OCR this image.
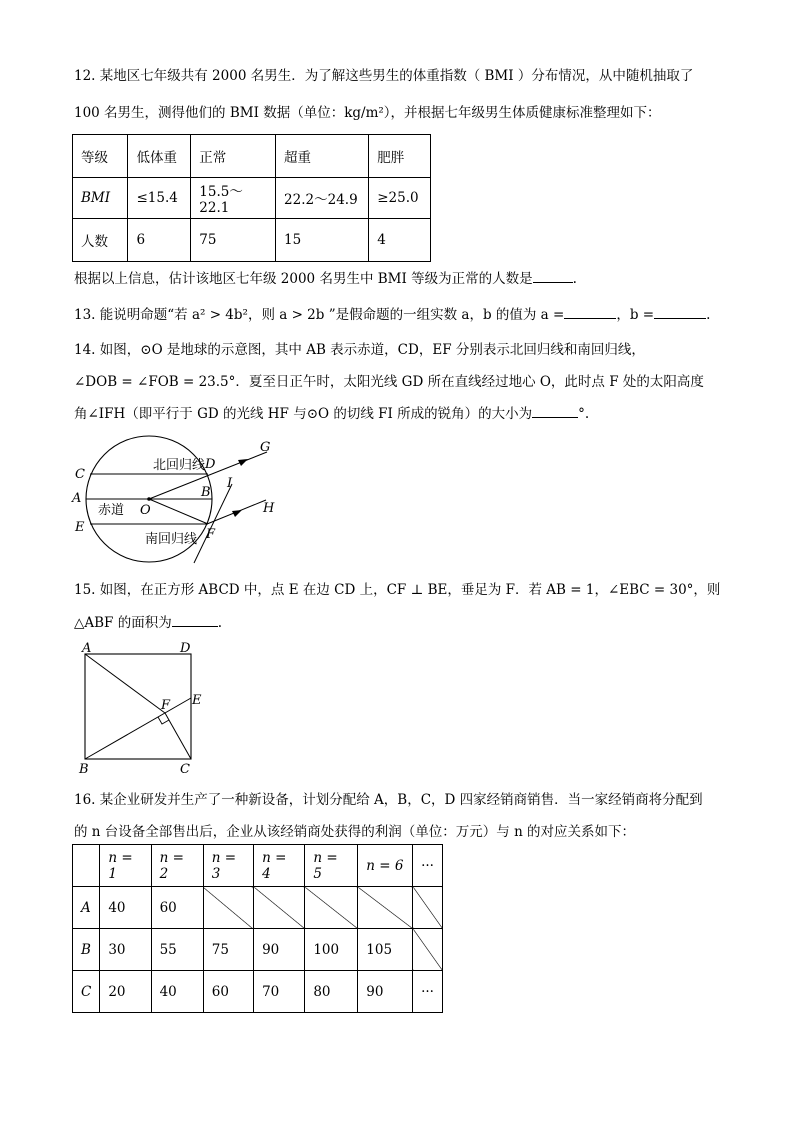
12. 某地区七年级共有 2000 名男生．为了解这些男生的体重指数（ BMI ）分布情况，从中随机抽取了
100 名男生，测得他们的 BMI 数据（单位：kg/m²），并根据七年级男生体质健康标准整理如下：
等级	低体重	正常	超重	肥胖
BMI	≤15.4	15.5～22.1	22.2～24.9	≥25.0
人数	6	75	15	4
根据以上信息，估计该地区七年级 2000 名男生中 BMI 等级为正常的人数是	.
13. 能说明命题“若 a² > 4b²，则 a > 2b ”是假命题的一组实数 a，b 的值为 a =	，b =	.
14. 如图，⊙O 是地球的示意图，其中 AB 表示赤道，CD，EF 分别表示北回归线和南回归线，
∠DOB = ∠FOB = 23.5°．夏至日正午时，太阳光线 GD 所在直线经过地心 O，此时点 F 处的太阳高度
角∠IFH（即平行于 GD 的光线 HF 与⊙O 的切线 FI 所成的锐角）的大小为	°.
北回归线
赤道
南回归线
C
A
E
D
B
F
O
G
I
H
15. 如图，在正方形 ABCD 中，点 E 在边 CD 上，CF ⊥ BE，垂足为 F．若 AB = 1，∠EBC = 30°，则
△ABF 的面积为	.
A	D
E
F
B	C
16. 某企业研发并生产了一种新设备，计划分配给 A，B，C，D 四家经销商销售．当一家经销商将分配到
的 n 台设备全部售出后，企业从该经销商处获得的利润（单位：万元）与 n 的对应关系如下：
	n = 1	n = 2	n = 3	n = 4	n = 5	n = 6	···
A	40	60					
B	30	55	75	90	100	105	
C	20	40	60	70	80	90	···
